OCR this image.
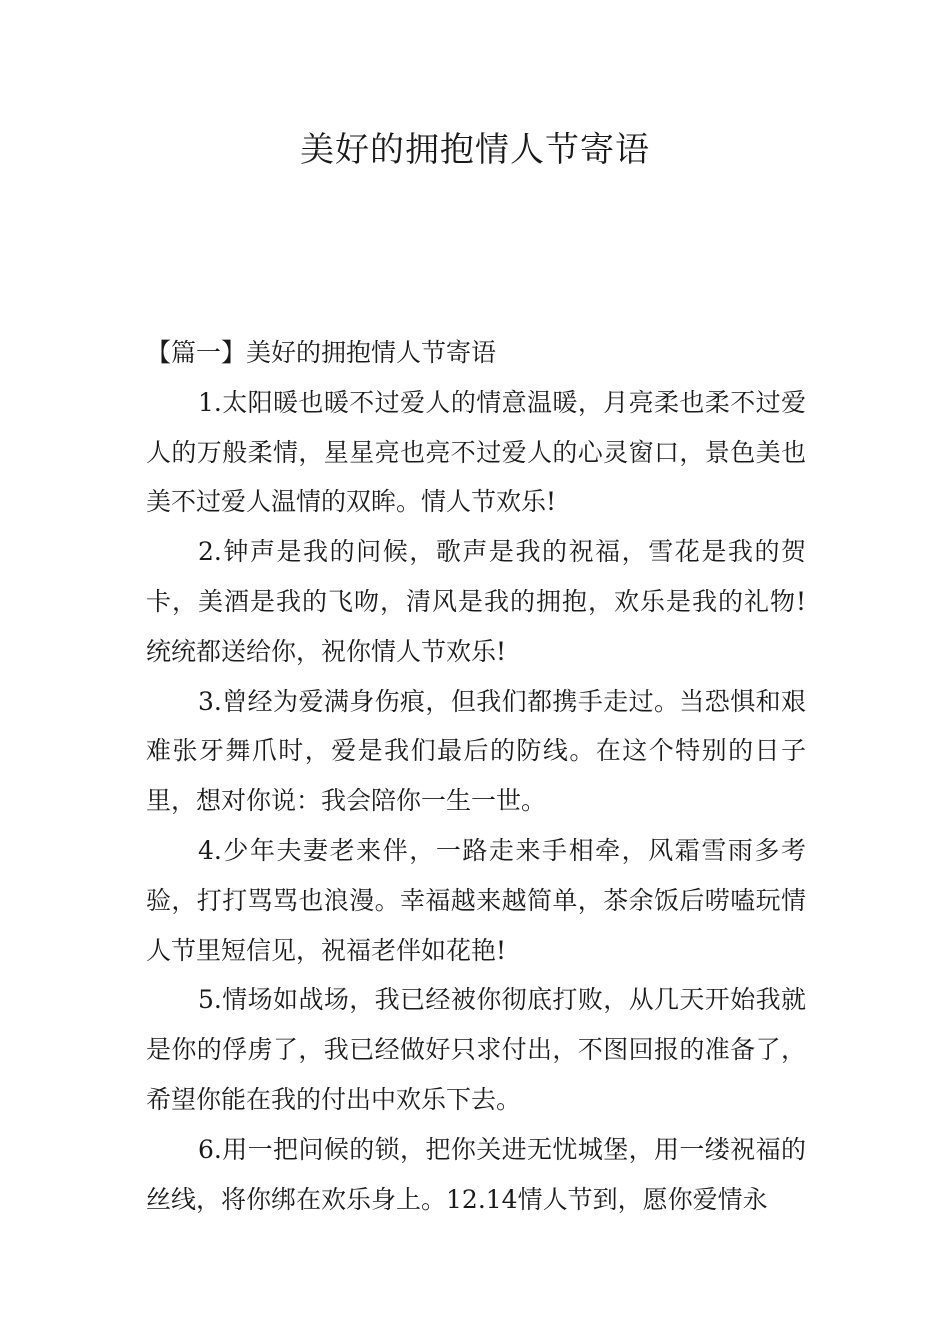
美好的拥抱情人节寄语

【篇一】美好的拥抱情人节寄语

1.太阳暖也暖不过爱人的情意温暖，月亮柔也柔不过爱人的万般柔情，星星亮也亮不过爱人的心灵窗口，景色美也美不过爱人温情的双眸。情人节欢乐!

2.钟声是我的问候，歌声是我的祝福，雪花是我的贺卡，美酒是我的飞吻，清风是我的拥抱，欢乐是我的礼物!统统都送给你，祝你情人节欢乐!

3.曾经为爱满身伤痕，但我们都携手走过。当恐惧和艰难张牙舞爪时，爱是我们最后的防线。在这个特别的日子里，想对你说：我会陪你一生一世。

4.少年夫妻老来伴，一路走来手相牵，风霜雪雨多考验，打打骂骂也浪漫。幸福越来越简单，茶余饭后唠嗑玩情人节里短信见，祝福老伴如花艳!

5.情场如战场，我已经被你彻底打败，从几天开始我就是你的俘虏了，我已经做好只求付出，不图回报的准备了，希望你能在我的付出中欢乐下去。

6.用一把问候的锁，把你关进无忧城堡，用一缕祝福的丝线，将你绑在欢乐身上。12.14情人节到，愿你爱情永
